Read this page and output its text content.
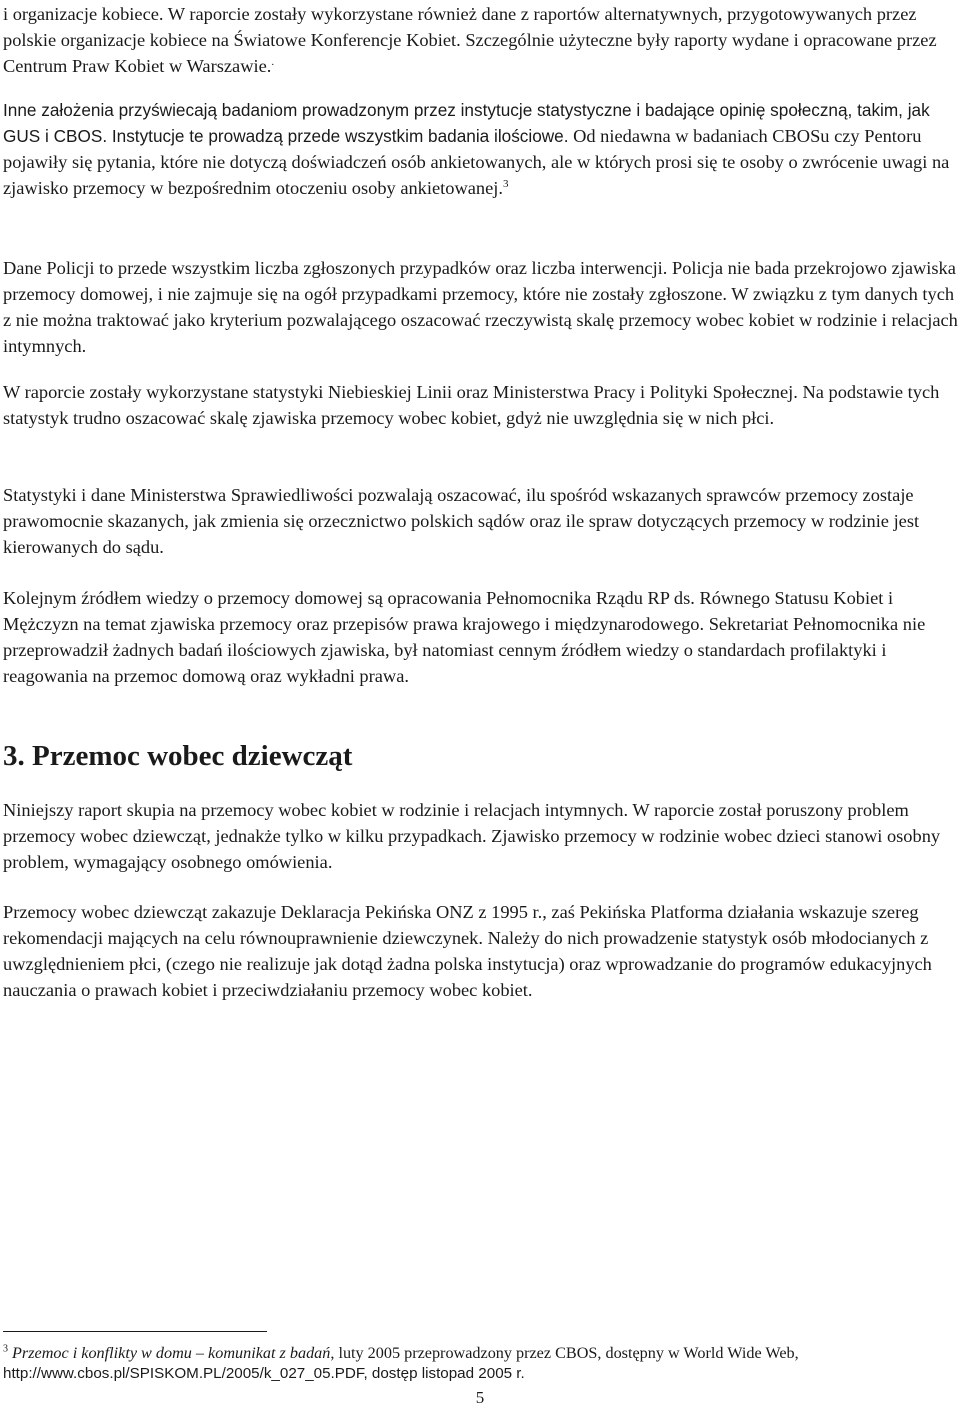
i organizacje kobiece. W raporcie zostały wykorzystane również dane z raportów alternatywnych, przygotowywanych przez polskie organizacje kobiece na Światowe Konferencje Kobiet. Szczególnie użyteczne były raporty wydane i opracowane przez Centrum Praw Kobiet w Warszawie..

Inne założenia przyświecają badaniom prowadzonym przez instytucje statystyczne i badające opinię społeczną, takim, jak GUS i CBOS. Instytucje te prowadzą przede wszystkim badania ilościowe. Od niedawna w badaniach CBOSu czy Pentoru pojawiły się pytania, które nie dotyczą doświadczeń osób ankietowanych, ale w których prosi się te osoby o zwrócenie uwagi na zjawisko przemocy w bezpośrednim otoczeniu osoby ankietowanej.$^3$

Dane Policji to przede wszystkim liczba zgłoszonych przypadków oraz liczba interwencji. Policja nie bada przekrojowo zjawiska przemocy domowej, i nie zajmuje się na ogół przypadkami przemocy, które nie zostały zgłoszone. W związku z tym danych tych z nie można traktować jako kryterium pozwalającego oszacować rzeczywistą skalę przemocy wobec kobiet w rodzinie i relacjach intymnych.

W raporcie zostały wykorzystane statystyki Niebieskiej Linii oraz Ministerstwa Pracy i Polityki Społecznej. Na podstawie tych statystyk trudno oszacować skalę zjawiska przemocy wobec kobiet, gdyż nie uwzględnia się w nich płci.

Statystyki i dane Ministerstwa Sprawiedliwości pozwalają oszacować, ilu spośród wskazanych sprawców przemocy zostaje prawomocnie skazanych, jak zmienia się orzecznictwo polskich sądów oraz ile spraw dotyczących przemocy w rodzinie jest kierowanych do sądu.

Kolejnym źródłem wiedzy o przemocy domowej są opracowania Pełnomocnika Rządu RP ds. Równego Statusu Kobiet i Mężczyzn na temat zjawiska przemocy oraz przepisów prawa krajowego i międzynarodowego. Sekretariat Pełnomocnika nie przeprowadził żadnych badań ilościowych zjawiska, był natomiast cennym źródłem wiedzy o standardach profilaktyki i reagowania na przemoc domową oraz wykładni prawa.

3. Przemoc wobec dziewcząt

Niniejszy raport skupia na przemocy wobec kobiet w rodzinie i relacjach intymnych. W raporcie został poruszony problem przemocy wobec dziewcząt, jednakże tylko w kilku przypadkach. Zjawisko przemocy w rodzinie wobec dzieci stanowi osobny problem, wymagający osobnego omówienia.

Przemocy wobec dziewcząt zakazuje Deklaracja Pekińska ONZ z 1995 r., zaś Pekińska Platforma działania wskazuje szereg rekomendacji mających na celu równouprawnienie dziewczynek. Należy do nich prowadzenie statystyk osób młodocianych z uwzględnieniem płci, (czego nie realizuje jak dotąd żadna polska instytucja) oraz wprowadzanie do programów edukacyjnych nauczania o prawach kobiet i przeciwdziałaniu przemocy wobec kobiet.

$^3$ Przemoc i konflikty w domu – komunikat z badań, luty 2005 przeprowadzony przez CBOS, dostępny w World Wide Web,
http://www.cbos.pl/SPISKOM.PL/2005/k_027_05.PDF, dostęp listopad 2005 r.

5
